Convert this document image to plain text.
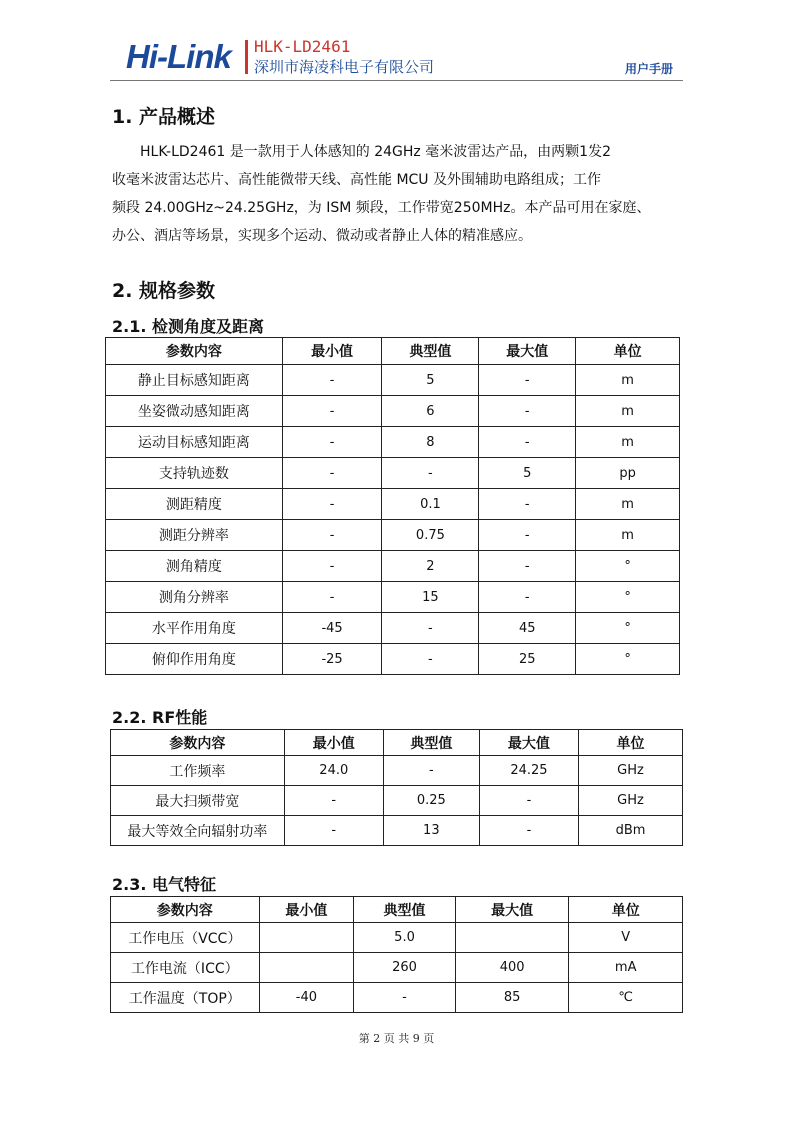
Hi-Link HLK-LD2461
深圳市海凌科电子有限公司	用户手册
1. 产品概述

HLK-LD2461 是一款用于人体感知的 24GHz 毫米波雷达产品，由两颗1发2

收毫米波雷达芯片、高性能微带天线、高性能 MCU 及外围辅助电路组成；工作

频段 24.00GHz~24.25GHz，为 ISM 频段，工作带宽250MHz。本产品可用在家庭、

办公、酒店等场景，实现多个运动、微动或者静止人体的精准感应。

2. 规格参数
2.1. 检测角度及距离
参数内容	最小值	典型值	最大值	单位
静止目标感知距离	-	5	-	m
坐姿微动感知距离	-	6	-	m
运动目标感知距离	-	8	-	m
支持轨迹数	-	-	5	pp
测距精度	-	0.1	-	m
测距分辨率	-	0.75	-	m
测角精度	-	2	-	°
测角分辨率	-	15	-	°
水平作用角度	-45	-	45	°
俯仰作用角度	-25	-	25	°
2.2. RF性能
参数内容	最小值	典型值	最大值	单位
工作频率	24.0	-	24.25	GHz
最大扫频带宽	-	0.25	-	GHz
最大等效全向辐射功率	-	13	-	dBm
2.3. 电气特征
参数内容	最小值	典型值	最大值	单位
工作电压（VCC）		5.0		V
工作电流（ICC）		260	400	mA
工作温度（TOP）	-40	-	85	℃
第 2 页 共 9 页
